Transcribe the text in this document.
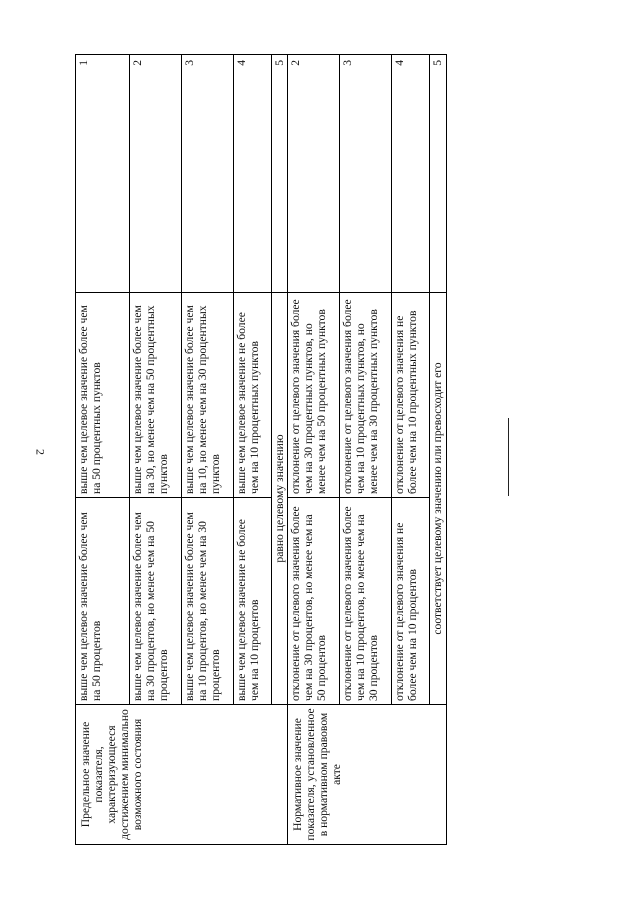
2
Предельное значение показателя, характеризующееся достижением минимально возможного состояния	выше чем целевое значение более чем на 50 процентов	выше чем целевое значение более чем на 50 процентных пунктов	1
	выше чем целевое значение более чем на 30 процентов, но менее чем на 50 процентов	выше чем целевое значение более чем на 30, но менее чем на 50 процентных пунктов	2
	выше чем целевое значение более чем на 10 процентов, но менее чем на 30 процентов	выше чем целевое значение более чем на 10, но менее чем на 30 процентных пунктов	3
	выше чем целевое значение не более чем на 10 процентов	выше чем целевое значение не более чем на 10 процентных пунктов	4
	равно целевому значению		5
Нормативное значение показателя, установленное в нормативном правовом акте	отклонение от целевого значения более чем на 30 процентов, но менее чем на 50 процентов	отклонение от целевого значения более чем на 30 процентных пунктов, но менее чем на 50 процентных пунктов	2
	отклонение от целевого значения более чем на 10 процентов, но менее чем на 30 процентов	отклонение от целевого значения более чем на 10 процентных пунктов, но менее чем на 30 процентных пунктов	3
	отклонение от целевого значения не более чем на 10 процентов	отклонение от целевого значения не более чем на 10 процентных пунктов	4
	соответствует целевому значению или превосходит его		5
